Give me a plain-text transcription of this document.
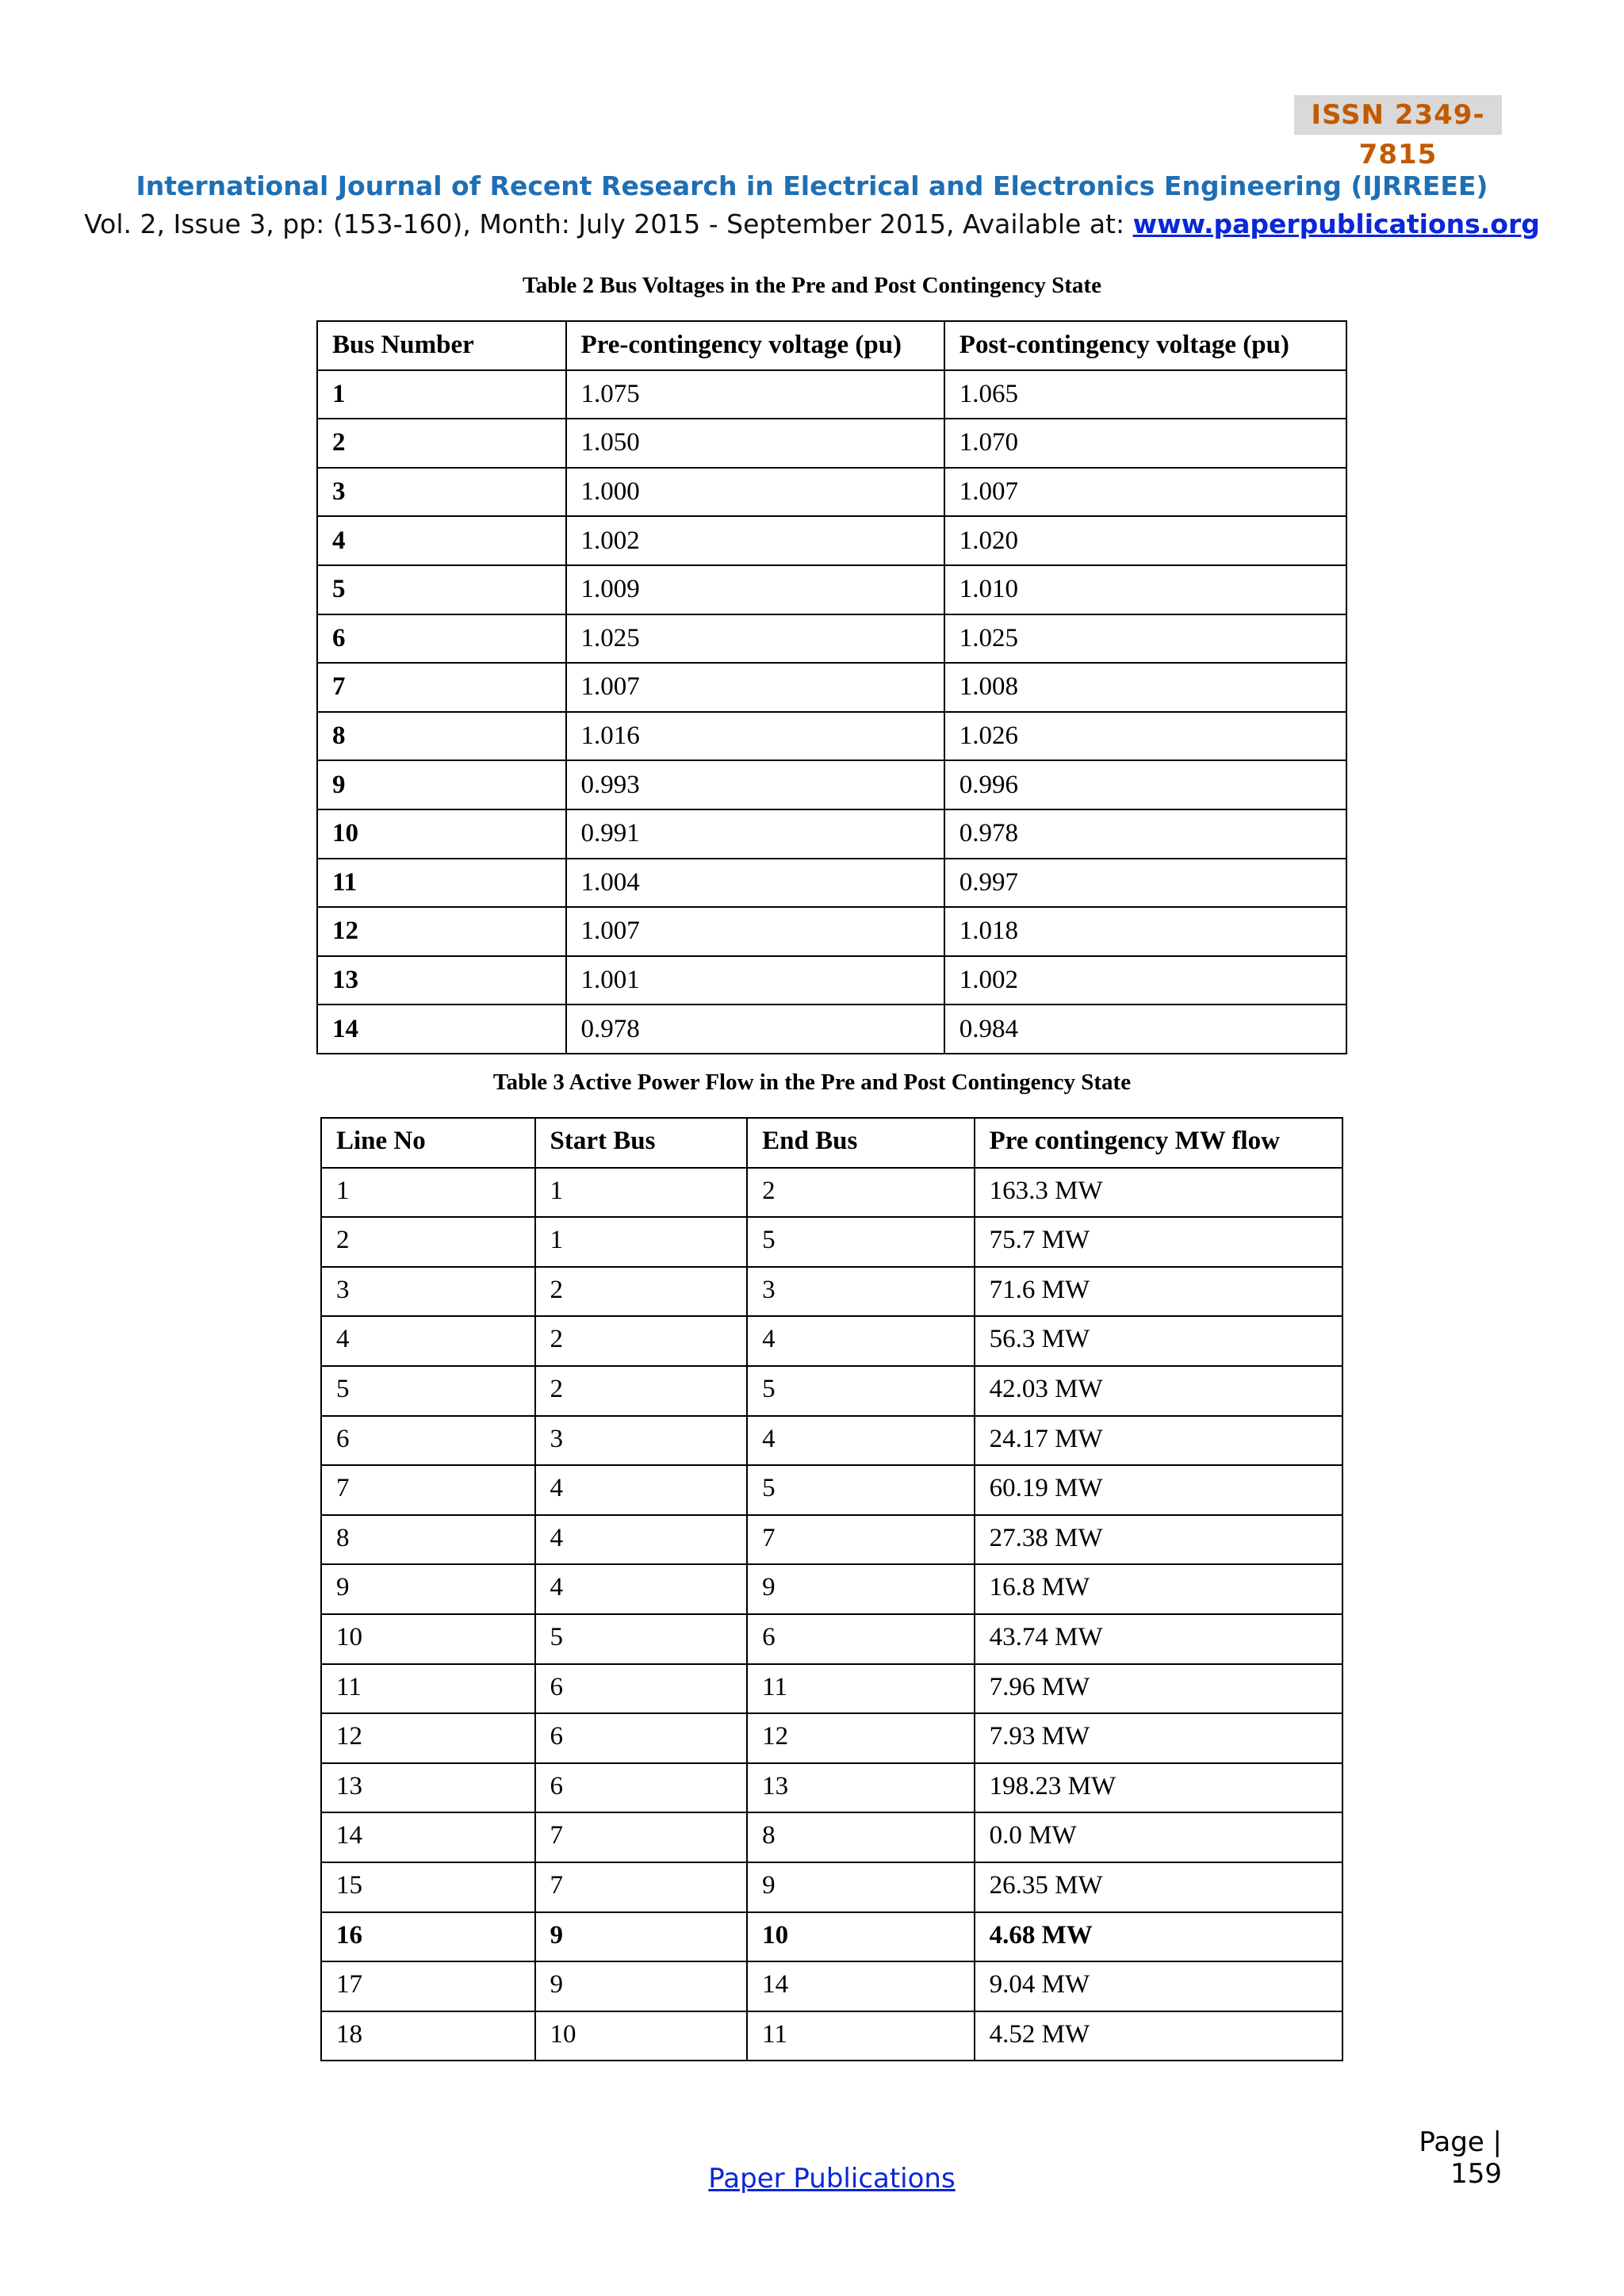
ISSN 2349-7815
International Journal of Recent Research in Electrical and Electronics Engineering (IJRREEE)
Vol. 2, Issue 3, pp: (153-160), Month: July 2015 - September 2015, Available at: www.paperpublications.org
Table 2 Bus Voltages in the Pre and Post Contingency State
Bus Number	Pre-contingency voltage (pu)	Post-contingency voltage (pu)
1	1.075	1.065
2	1.050	1.070
3	1.000	1.007
4	1.002	1.020
5	1.009	1.010
6	1.025	1.025
7	1.007	1.008
8	1.016	1.026
9	0.993	0.996
10	0.991	0.978
11	1.004	0.997
12	1.007	1.018
13	1.001	1.002
14	0.978	0.984
Table 3 Active Power Flow in the Pre and Post Contingency State
Line No	Start Bus	End Bus	Pre contingency MW flow
1	1	2	163.3 MW
2	1	5	75.7 MW
3	2	3	71.6 MW
4	2	4	56.3 MW
5	2	5	42.03 MW
6	3	4	24.17 MW
7	4	5	60.19 MW
8	4	7	27.38 MW
9	4	9	16.8 MW
10	5	6	43.74 MW
11	6	11	7.96 MW
12	6	12	7.93 MW
13	6	13	198.23 MW
14	7	8	0.0 MW
15	7	9	26.35 MW
16	9	10	4.68 MW
17	9	14	9.04 MW
18	10	11	4.52 MW
Page | 159
Paper Publications
